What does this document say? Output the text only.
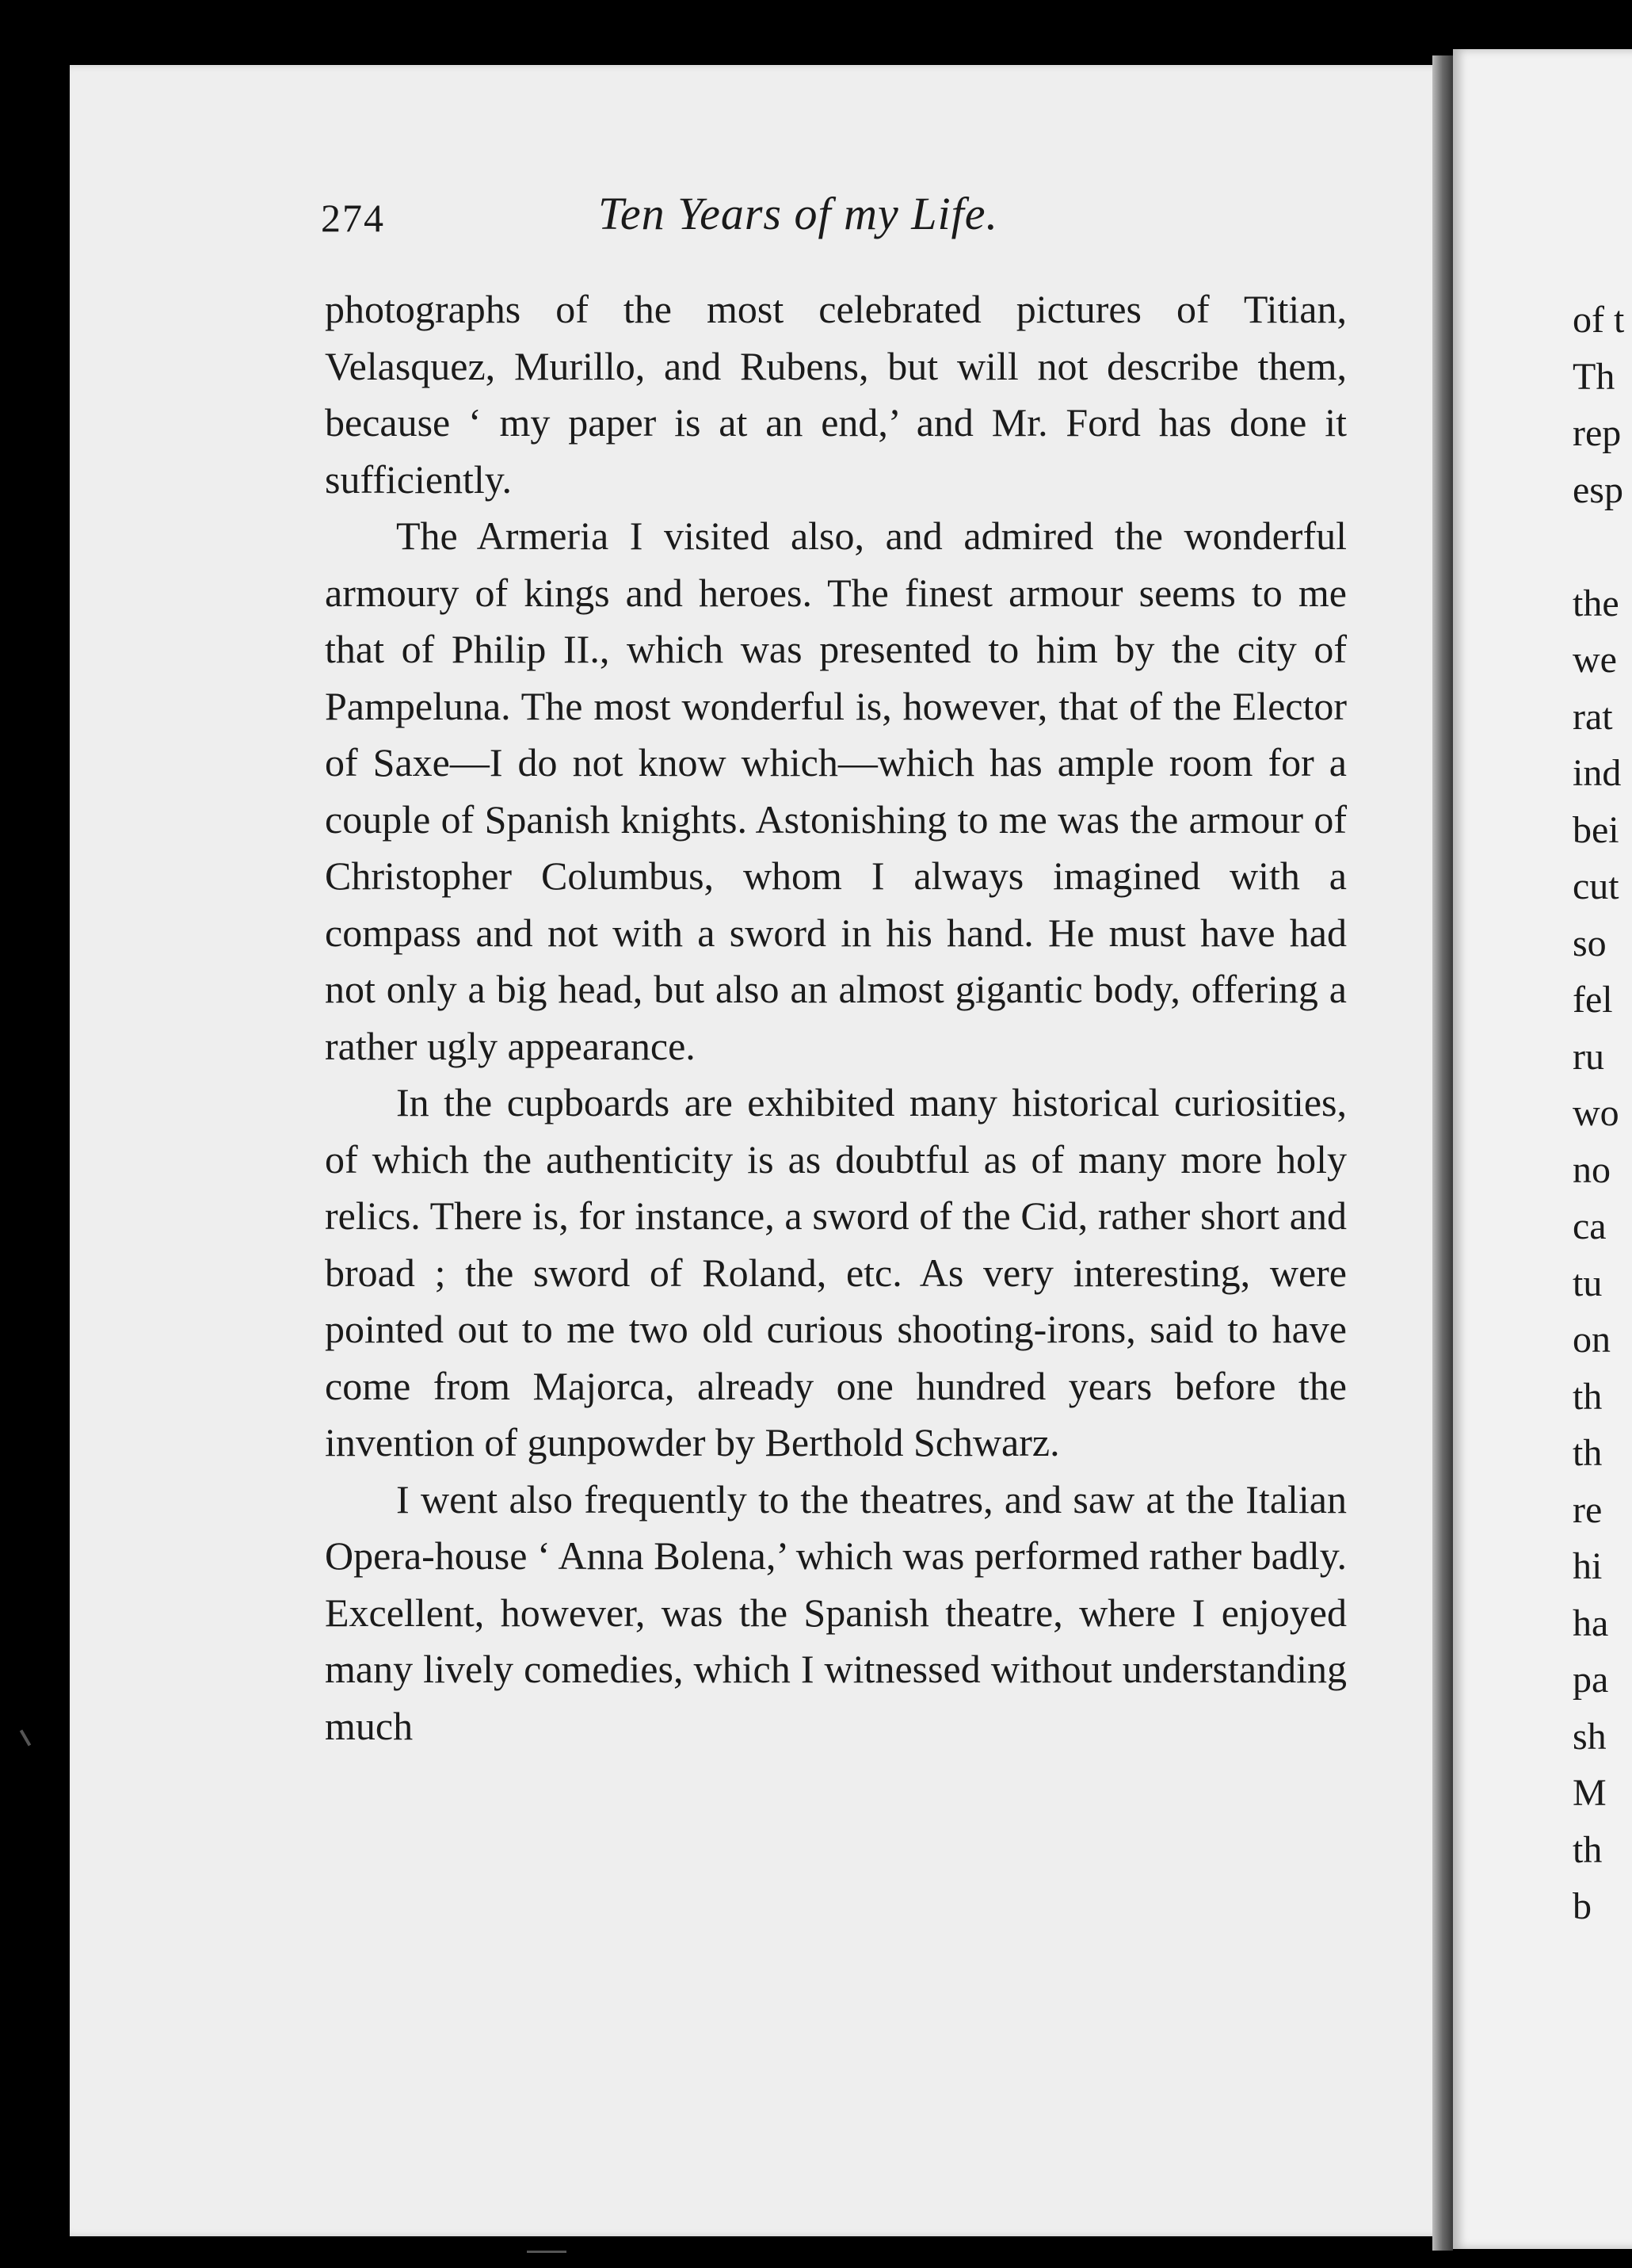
274	Ten Years of my Life.

photographs of the most celebrated pictures of Titian, Velasquez, Murillo, and Rubens, but will not describe them, because ‘ my paper is at an end,’ and Mr. Ford has done it sufficiently.

The Armeria I visited also, and admired the wonderful armoury of kings and heroes. The finest armour seems to me that of Philip II., which was presented to him by the city of Pampeluna. The most wonderful is, however, that of the Elector of Saxe—I do not know which—which has ample room for a couple of Spanish knights. Astonishing to me was the armour of Christopher Columbus, whom I always imagined with a compass and not with a sword in his hand. He must have had not only a big head, but also an almost gigantic body, offering a rather ugly appearance.

In the cupboards are exhibited many historical curiosities, of which the authenticity is as doubtful as of many more holy relics. There is, for instance, a sword of the Cid, rather short and broad ; the sword of Roland, etc. As very interesting, were pointed out to me two old curious shooting-irons, said to have come from Majorca, already one hundred years before the invention of gunpowder by Berthold Schwarz.

I went also frequently to the theatres, and saw at the Italian Opera-house ‘ Anna Bolena,’ which was performed rather badly. Excellent, however, was the Spanish theatre, where I enjoyed many lively comedies, which I witnessed without understanding much

of t
Th
rep
esp
the
we
rat
ind
bei
cut
so
fel
ru
wo
no
ca
tu
on
th
th
re
hi
ha
pa
sh
M
th
b
